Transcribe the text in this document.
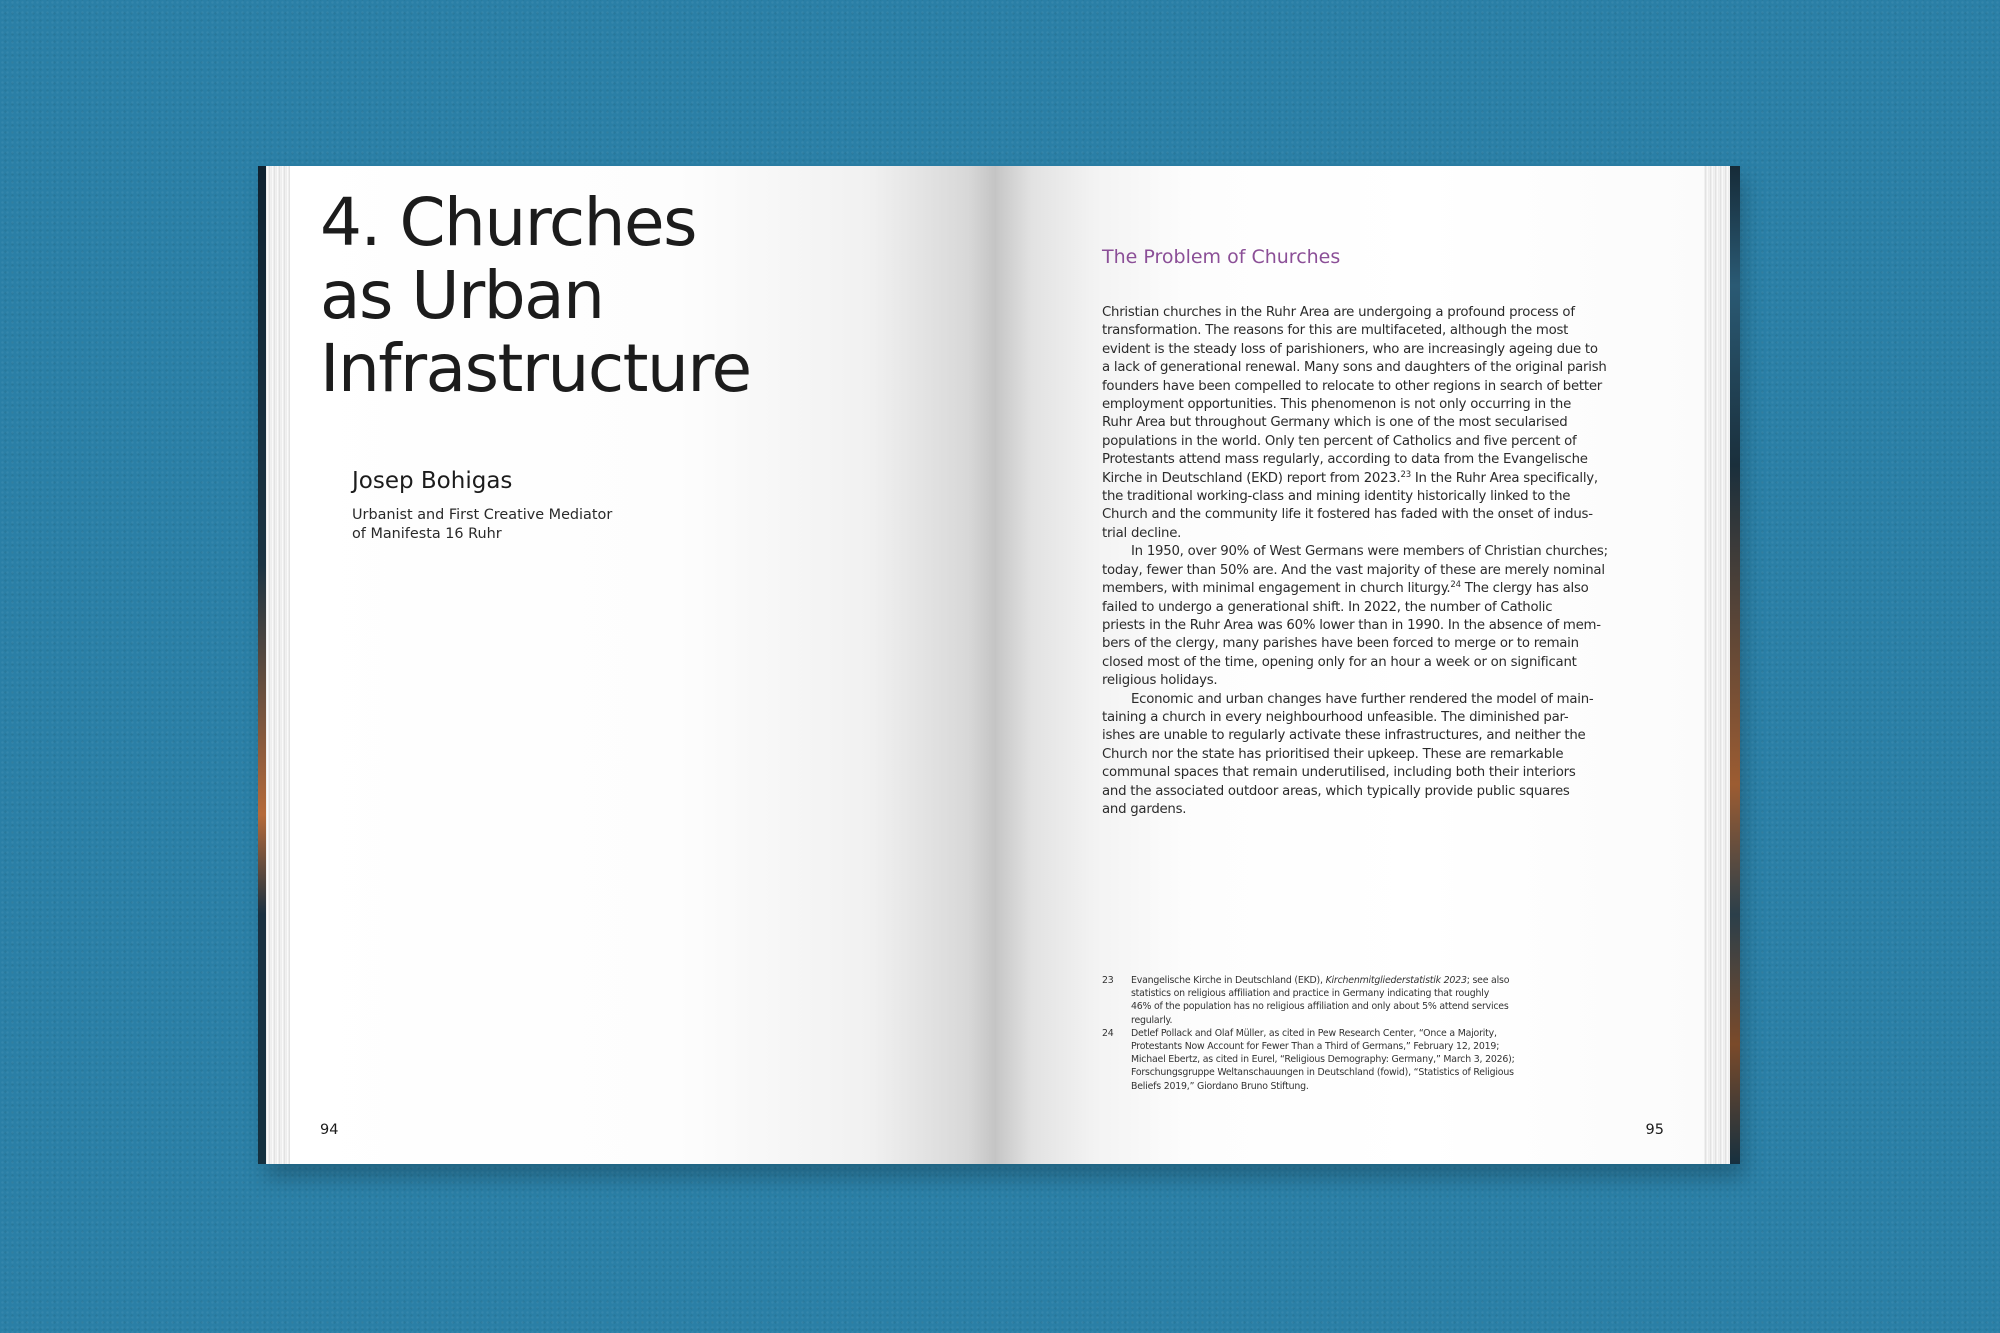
4. Churches
as Urban
Infrastructure
Josep Bohigas
Urbanist and First Creative Mediator
of Manifesta 16 Ruhr
94
The Problem of Churches
Christian churches in the Ruhr Area are undergoing a profound process of
transformation. The reasons for this are multifaceted, although the most
evident is the steady loss of parishioners, who are increasingly ageing due to
a lack of generational renewal. Many sons and daughters of the original parish
founders have been compelled to relocate to other regions in search of better
employment opportunities. This phenomenon is not only occurring in the
Ruhr Area but throughout Germany which is one of the most secularised
populations in the world. Only ten percent of Catholics and five percent of
Protestants attend mass regularly, according to data from the Evangelische
Kirche in Deutschland (EKD) report from 2023.23 In the Ruhr Area specifically,
the traditional working-class and mining identity historically linked to the
Church and the community life it fostered has faded with the onset of indus-
trial decline.
In 1950, over 90% of West Germans were members of Christian churches;
today, fewer than 50% are. And the vast majority of these are merely nominal
members, with minimal engagement in church liturgy.$^{24}$ The clergy has also
failed to undergo a generational shift. In 2022, the number of Catholic
priests in the Ruhr Area was 60% lower than in 1990. In the absence of mem-
bers of the clergy, many parishes have been forced to merge or to remain
closed most of the time, opening only for an hour a week or on significant
religious holidays.
Economic and urban changes have further rendered the model of main-
taining a church in every neighbourhood unfeasible. The diminished par-
ishes are unable to regularly activate these infrastructures, and neither the
Church nor the state has prioritised their upkeep. These are remarkable
communal spaces that remain underutilised, including both their interiors
and the associated outdoor areas, which typically provide public squares
and gardens.
23 Evangelische Kirche in Deutschland (EKD), Kirchenmitgliederstatistik 2023; see also
statistics on religious affiliation and practice in Germany indicating that roughly
46% of the population has no religious affiliation and only about 5% attend services
regularly.
24 Detlef Pollack and Olaf Müller, as cited in Pew Research Center, “Once a Majority,
Protestants Now Account for Fewer Than a Third of Germans,” February 12, 2019;
Michael Ebertz, as cited in Eurel, “Religious Demography: Germany,” March 3, 2026);
Forschungsgruppe Weltanschauungen in Deutschland (fowid), “Statistics of Religious
Beliefs 2019,” Giordano Bruno Stiftung.
95
